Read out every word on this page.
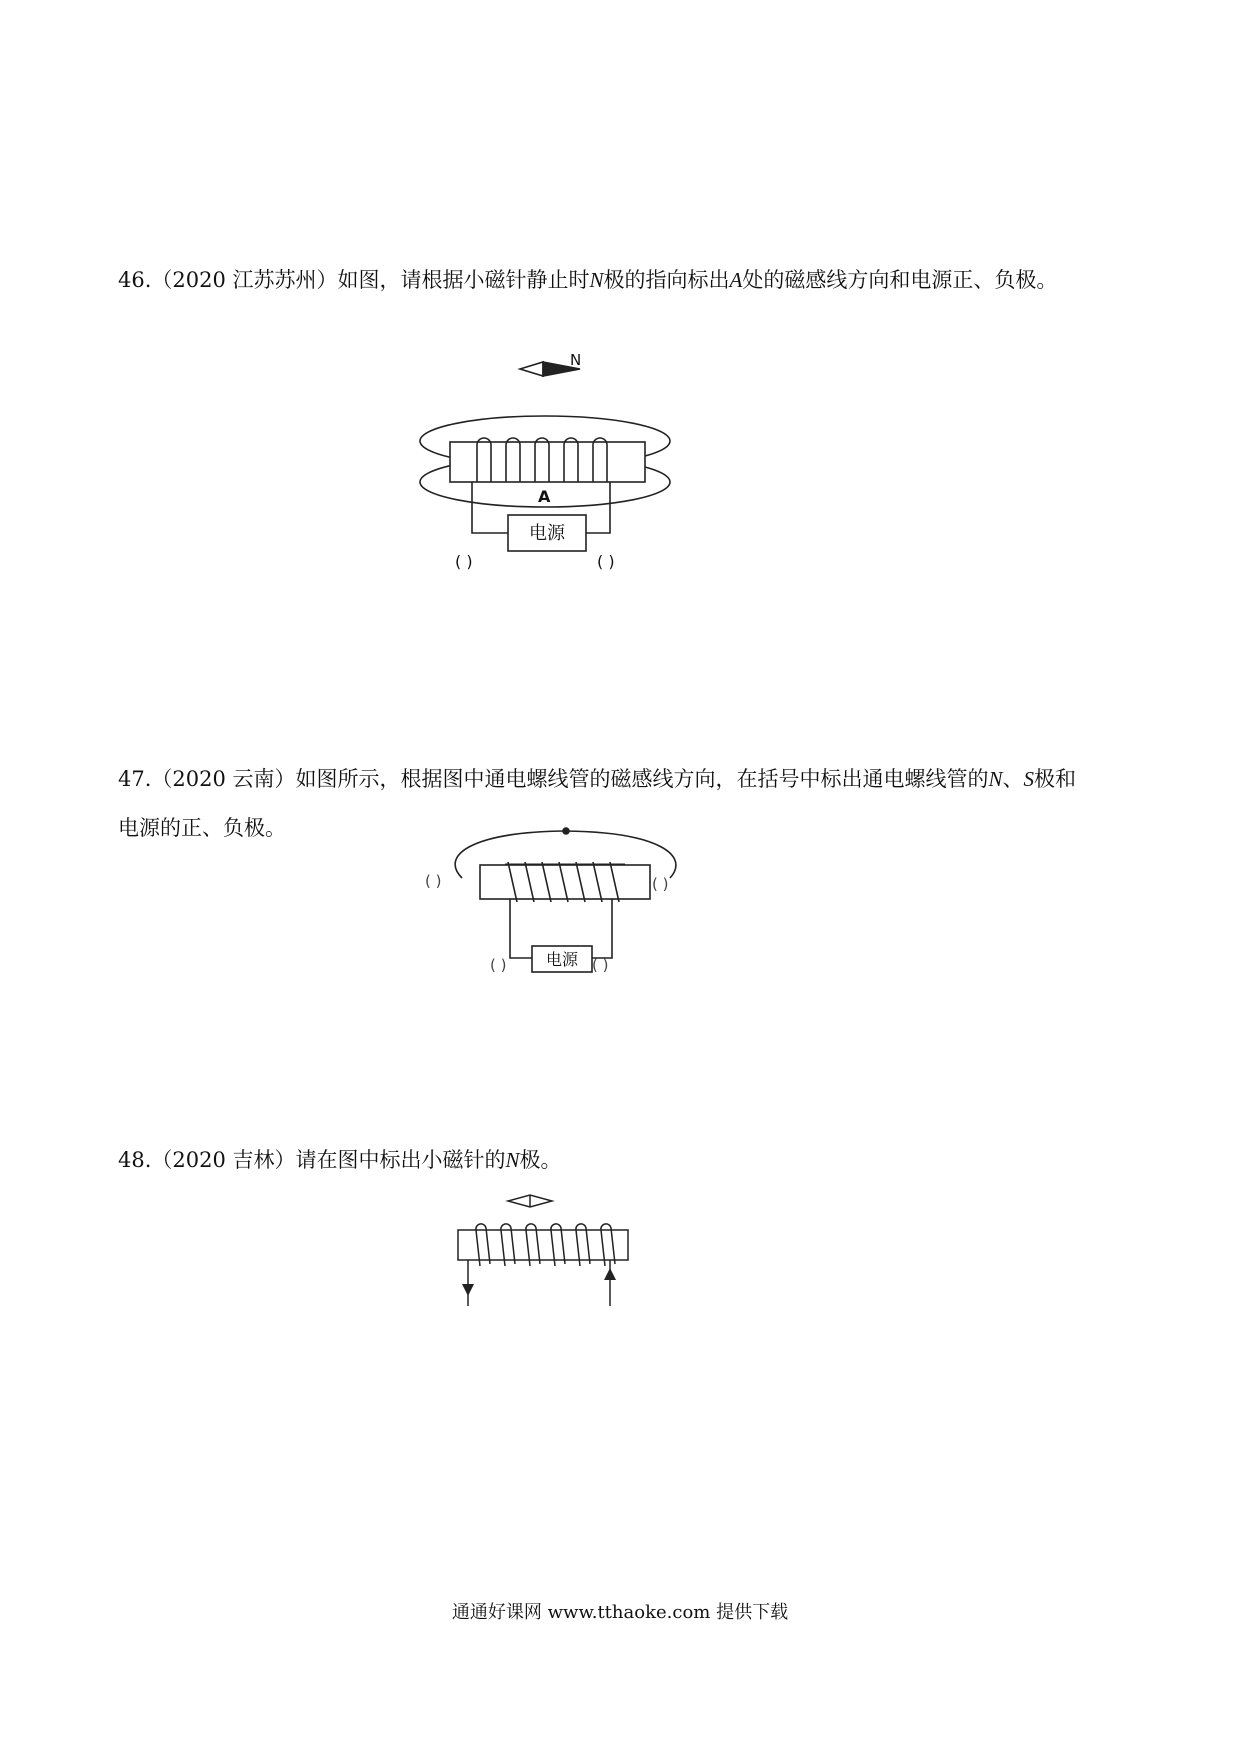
46.（2020 江苏苏州）如图，请根据小磁针静止时N极的指向标出A处的磁感线方向和电源正、负极。
N
A
电源
( )	( )
47.（2020 云南）如图所示，根据图中通电螺线管的磁感线方向，在括号中标出通电螺线管的N、S极和
电源的正、负极。
电源
( )	( )
( )	( )
48.（2020 吉林）请在图中标出小磁针的N极。
通通好课网 www.tthaoke.com 提供下载
